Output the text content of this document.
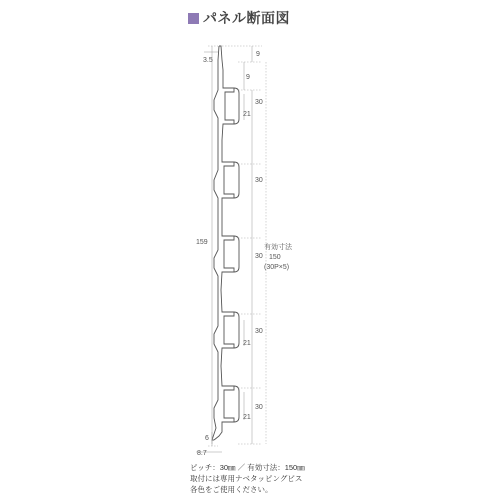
パネル断面図
9
3.5
9
30
30
30
30
30
21
21
21
159
有効寸法
150
(30P×5)
6
8.7
ピッチ：30㎜ ／ 有効寸法：150㎜
取付には専用ナベタッピングビス
各色をご使用ください。
